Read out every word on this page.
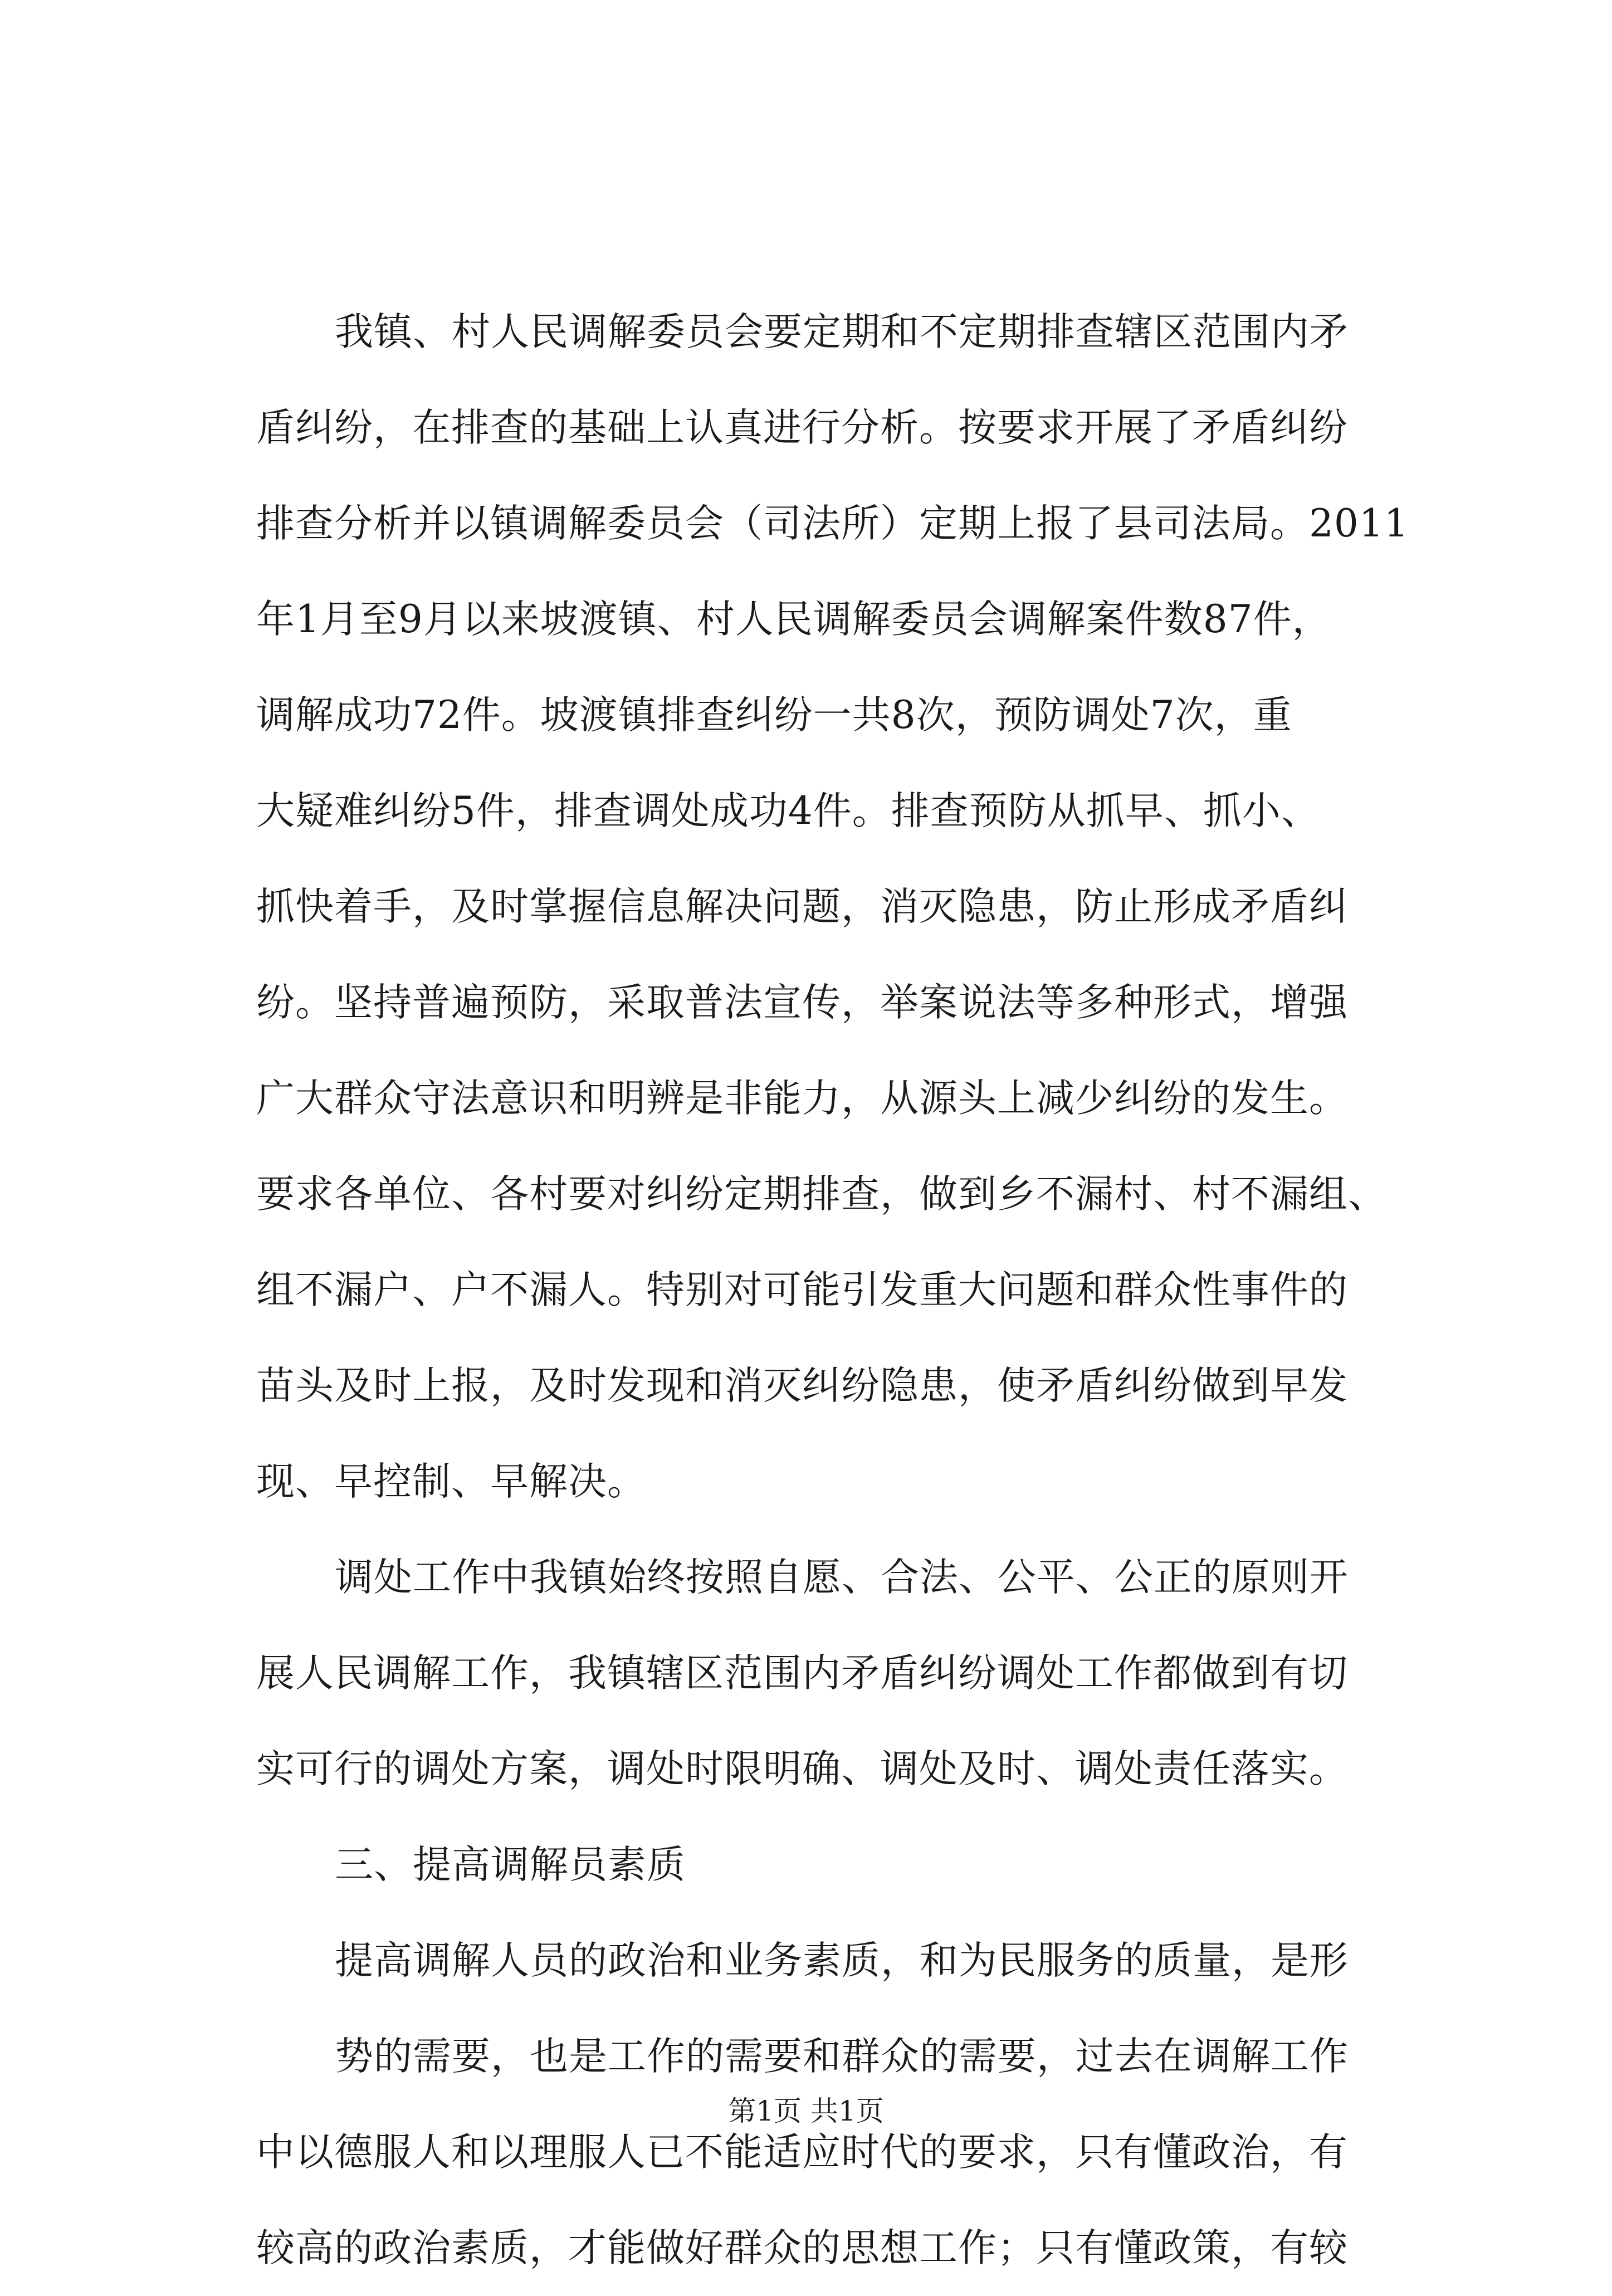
我镇、村人民调解委员会要定期和不定期排查辖区范围内矛
盾纠纷，在排查的基础上认真进行分析。按要求开展了矛盾纠纷
排查分析并以镇调解委员会（司法所）定期上报了县司法局。2011
年1月至9月以来坡渡镇、村人民调解委员会调解案件数87件，
调解成功72件。坡渡镇排查纠纷一共8次，预防调处7次，重
大疑难纠纷5件，排查调处成功4件。排查预防从抓早、抓小、
抓快着手，及时掌握信息解决问题，消灭隐患，防止形成矛盾纠
纷。坚持普遍预防，采取普法宣传，举案说法等多种形式，增强
广大群众守法意识和明辨是非能力，从源头上减少纠纷的发生。
要求各单位、各村要对纠纷定期排查，做到乡不漏村、村不漏组、
组不漏户、户不漏人。特别对可能引发重大问题和群众性事件的
苗头及时上报，及时发现和消灭纠纷隐患，使矛盾纠纷做到早发
现、早控制、早解决。

调处工作中我镇始终按照自愿、合法、公平、公正的原则开
展人民调解工作，我镇辖区范围内矛盾纠纷调处工作都做到有切
实可行的调处方案，调处时限明确、调处及时、调处责任落实。

三、提高调解员素质

提高调解人员的政治和业务素质，和为民服务的质量，是形

势的需要，也是工作的需要和群众的需要，过去在调解工作
中以德服人和以理服人已不能适应时代的要求，只有懂政治，有
较高的政治素质，才能做好群众的思想工作；只有懂政策，有较

第1页 共1页
